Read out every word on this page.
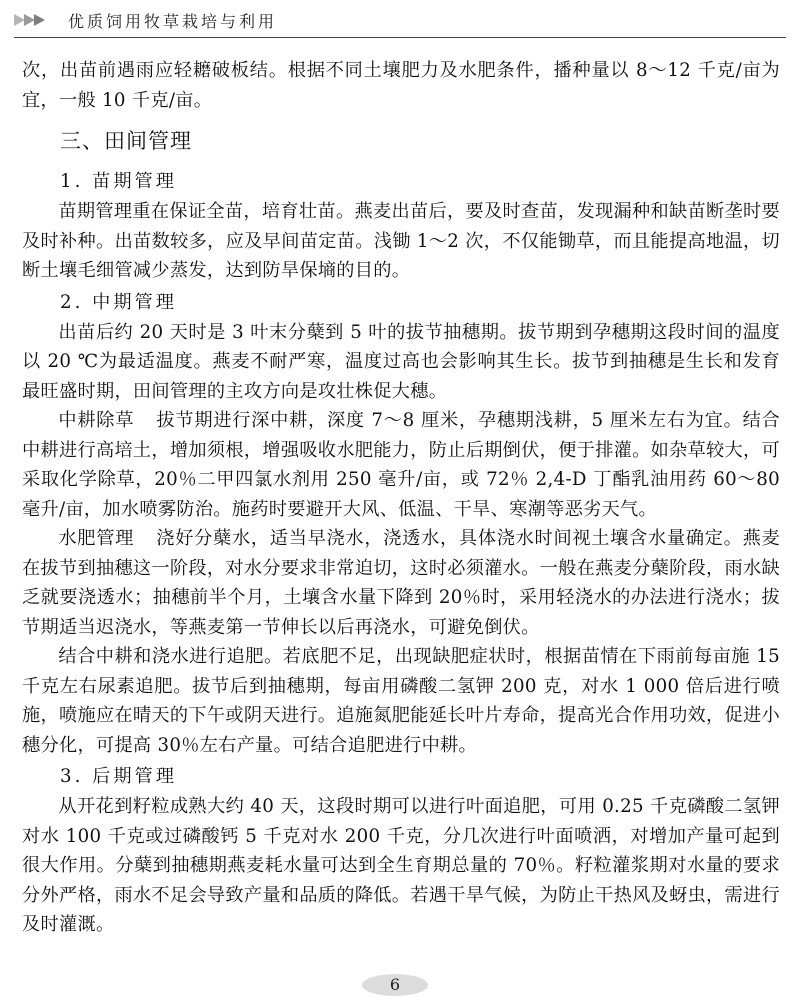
优质饲用牧草栽培与利用

次，出苗前遇雨应轻耱破板结。根据不同土壤肥力及水肥条件，播种量以 8～12 千克/亩为宜，一般 10 千克/亩。

三、田间管理
1. 苗期管理

苗期管理重在保证全苗，培育壮苗。燕麦出苗后，要及时查苗，发现漏种和缺苗断垄时要及时补种。出苗数较多，应及早间苗定苗。浅锄 1～2 次，不仅能锄草，而且能提高地温，切断土壤毛细管减少蒸发，达到防旱保墒的目的。

2. 中期管理

出苗后约 20 天时是 3 叶末分蘖到 5 叶的拔节抽穗期。拔节期到孕穗期这段时间的温度以 20 ℃为最适温度。燕麦不耐严寒，温度过高也会影响其生长。拔节到抽穗是生长和发育最旺盛时期，田间管理的主攻方向是攻壮株促大穗。

中耕除草 拔节期进行深中耕，深度 7～8 厘米，孕穗期浅耕，5 厘米左右为宜。结合中耕进行高培土，增加须根，增强吸收水肥能力，防止后期倒伏，便于排灌。如杂草较大，可采取化学除草，20％二甲四氯水剂用 250 毫升/亩，或 72％ 2,4-D 丁酯乳油用药 60～80 毫升/亩，加水喷雾防治。施药时要避开大风、低温、干旱、寒潮等恶劣天气。

水肥管理 浇好分蘖水，适当早浇水，浇透水，具体浇水时间视土壤含水量确定。燕麦在拔节到抽穗这一阶段，对水分要求非常迫切，这时必须灌水。一般在燕麦分蘖阶段，雨水缺乏就要浇透水；抽穗前半个月，土壤含水量下降到 20％时，采用轻浇水的办法进行浇水；拔节期适当迟浇水，等燕麦第一节伸长以后再浇水，可避免倒伏。

结合中耕和浇水进行追肥。若底肥不足，出现缺肥症状时，根据苗情在下雨前每亩施 15 千克左右尿素追肥。拔节后到抽穗期，每亩用磷酸二氢钾 200 克，对水 1 000 倍后进行喷施，喷施应在晴天的下午或阴天进行。追施氮肥能延长叶片寿命，提高光合作用功效，促进小穗分化，可提高 30％左右产量。可结合追肥进行中耕。

3. 后期管理

从开花到籽粒成熟大约 40 天，这段时期可以进行叶面追肥，可用 0.25 千克磷酸二氢钾对水 100 千克或过磷酸钙 5 千克对水 200 千克，分几次进行叶面喷洒，对增加产量可起到很大作用。分蘖到抽穗期燕麦耗水量可达到全生育期总量的 70％。籽粒灌浆期对水量的要求分外严格，雨水不足会导致产量和品质的降低。若遇干旱气候，为防止干热风及蚜虫，需进行及时灌溉。

6
